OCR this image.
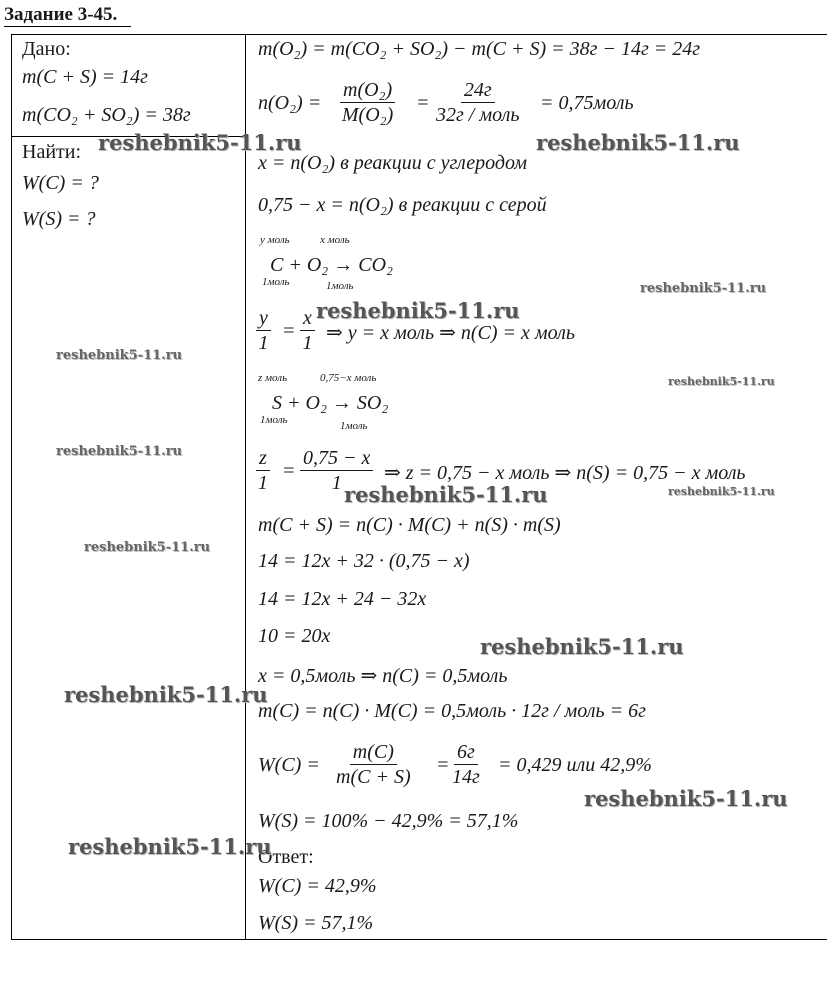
Задание 3-45.
Дано:
m(C + S) = 14г
m(CO₂ + SO₂) = 38г
Найти:
W(C) = ?
W(S) = ?
m(O₂) = m(CO₂ + SO₂) − m(C + S) = 38г − 14г = 24г
$n(O_2) = \frac{\text{m(O₂)}}{\text{M(O₂)}}$ =
24г
32г / моль
= 0,75моль
x = n(O₂) в реакции с углеродом
0,75 − x = n(O₂) в реакции с серой
y моль	x моль
C + O₂ → CO₂
1моль	1моль
$\frac{y}{1} = \frac{x}{1}$ ⇒ y = x моль ⇒ n(C) = x моль
z моль	0,75−x моль
S + O₂ → SO₂
1моль	1моль
$\frac{z}{1} = \frac{0,75 - x}{1}$ ⇒ z = 0,75 − x моль ⇒ n(S) = 0,75 − x моль
m(C + S) = n(C) · M(C) + n(S) · m(S)
14 = 12x + 32 · (0,75 − x)
14 = 12x + 24 − 32x
10 = 20x
x = 0,5моль ⇒ n(C) = 0,5моль
m(C) = n(C) · M(C) = 0,5моль · 12г / моль = 6г
$W(C) = \frac{m(C)}{m(C + S)}$ =
6г
14г
= 0,429 или 42,9%
W(S) = 100% − 42,9% = 57,1%
Ответ:
W(C) = 42,9%
W(S) = 57,1%
reshebnik5-11.ru	reshebnik5-11.ru
reshebnik5-11.ru
reshebnik5-11.ru
reshebnik5-11.ru
reshebnik5-11.ru
reshebnik5-11.ru
reshebnik5-11.ru	reshebnik5-11.ru
reshebnik5-11.ru
reshebnik5-11.ru
reshebnik5-11.ru
reshebnik5-11.ru
reshebnik5-11.ru
